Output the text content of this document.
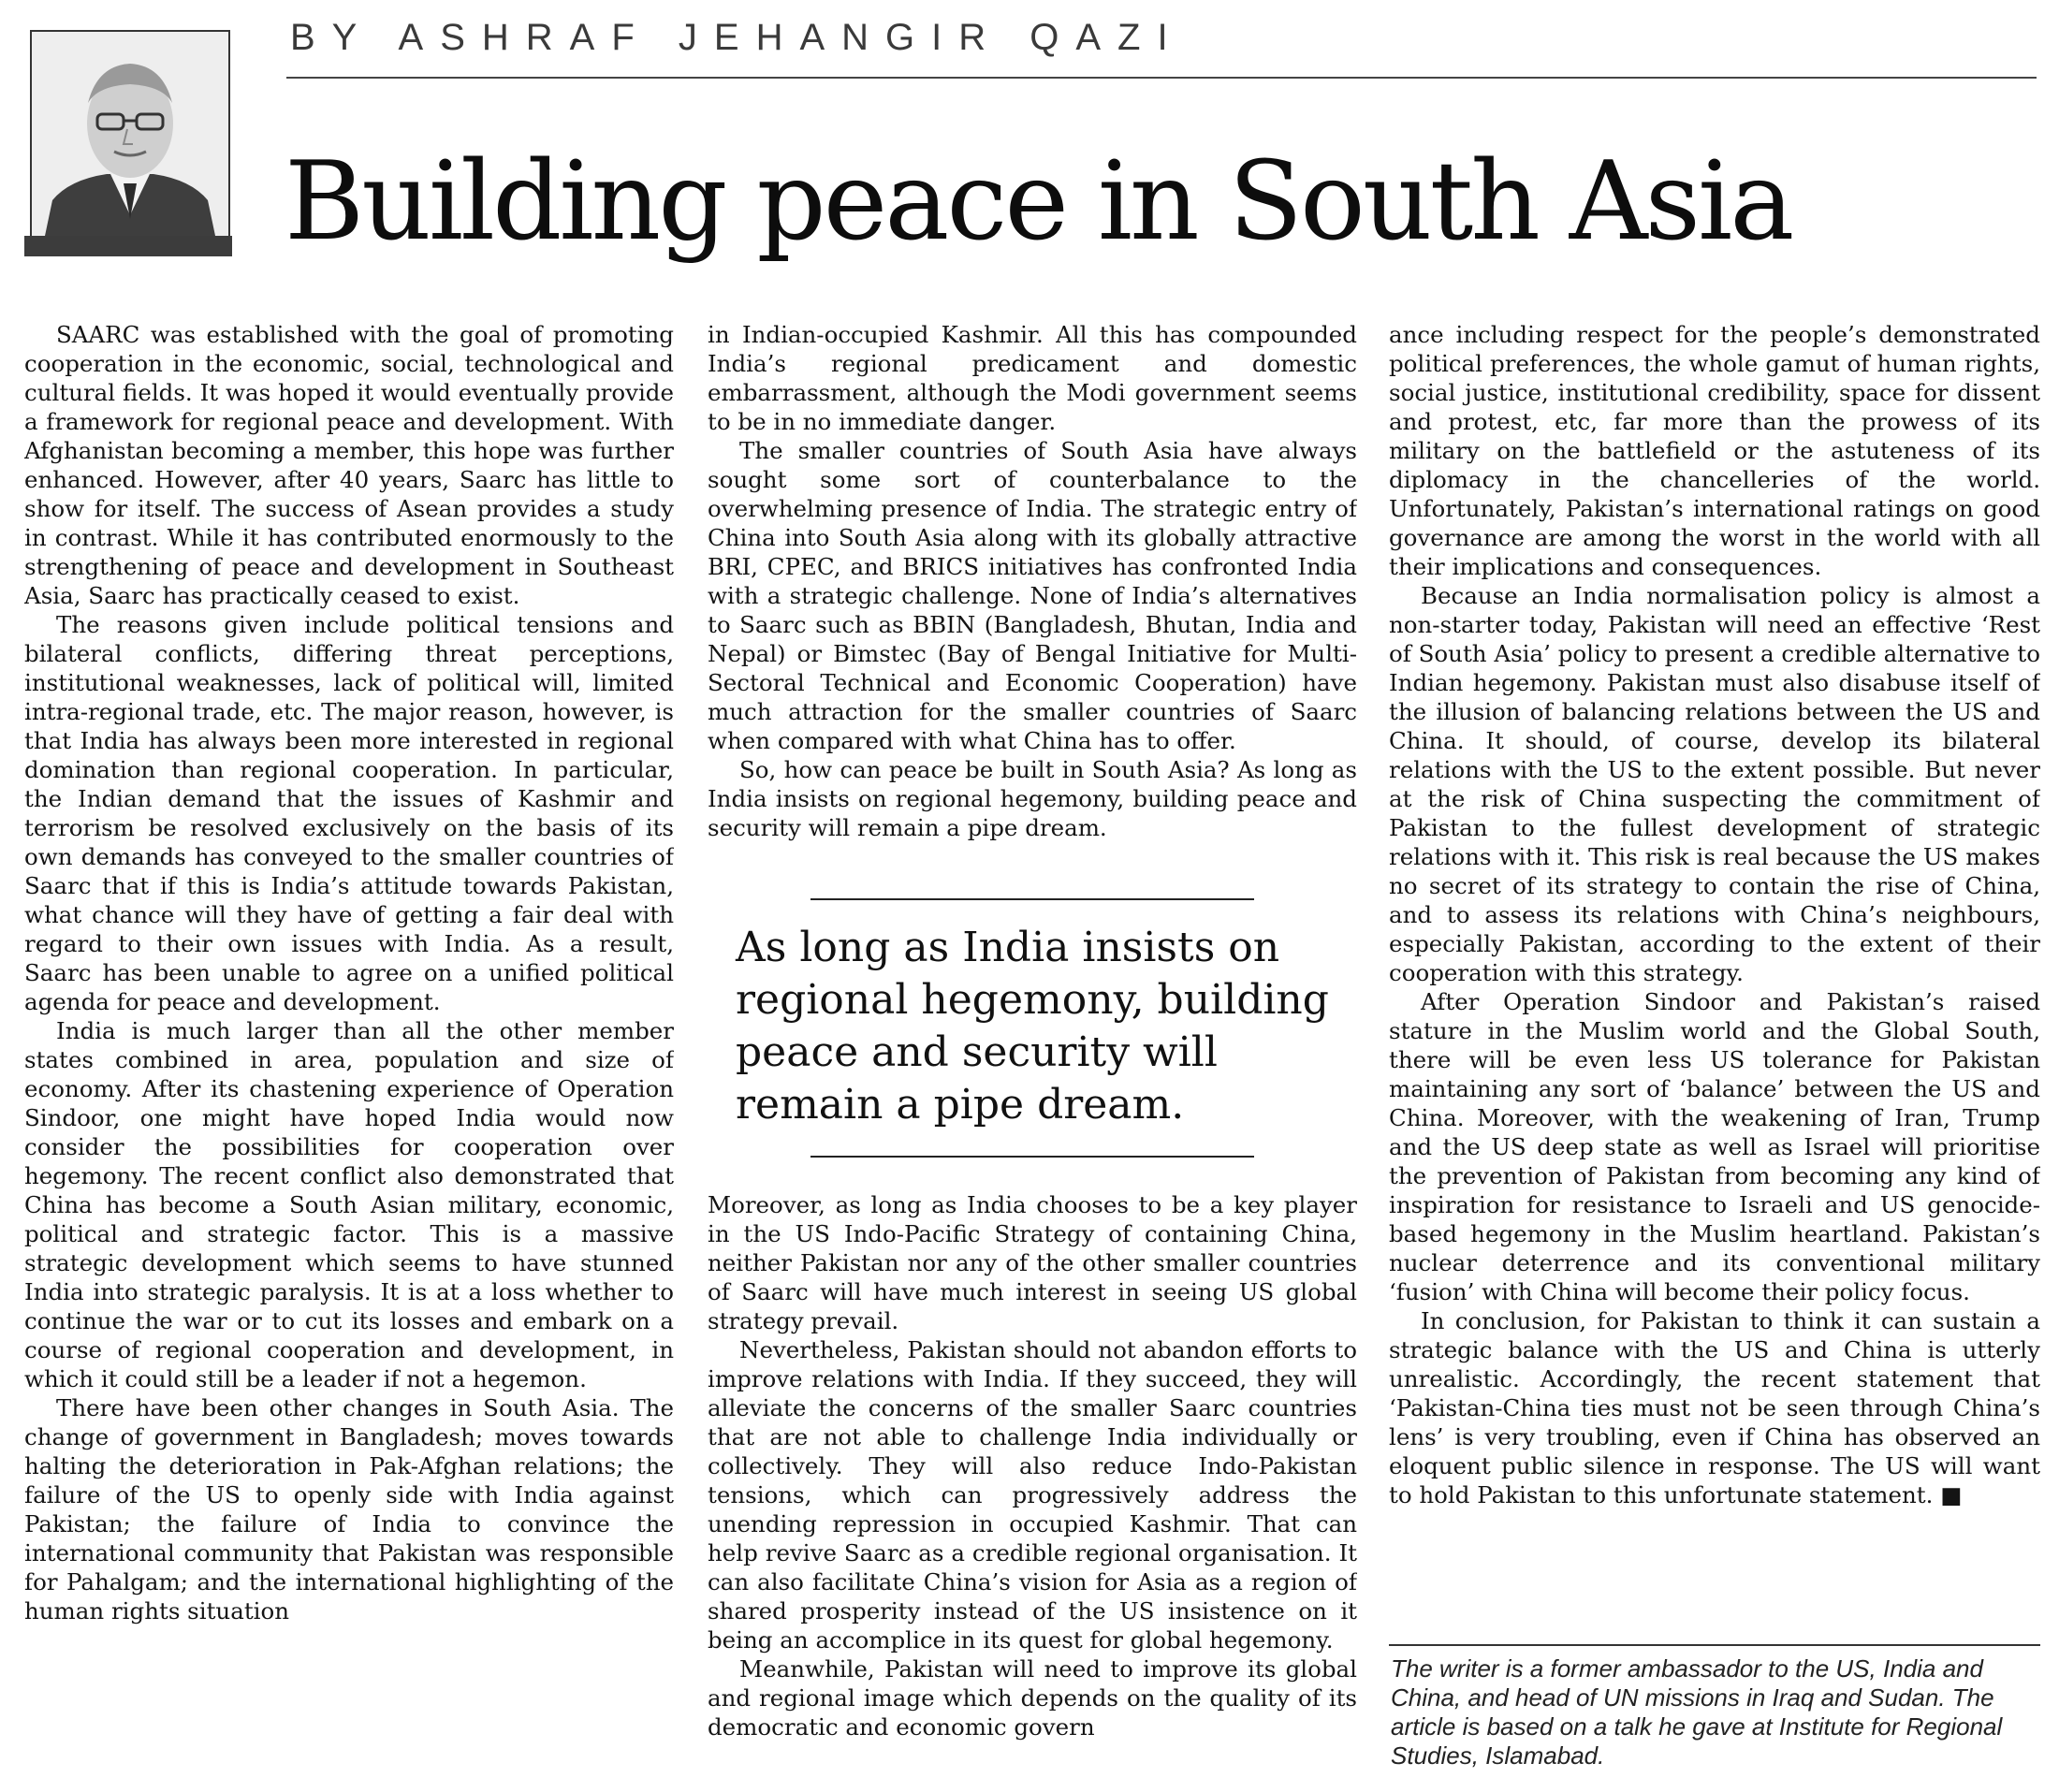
BY ASHRAF JEHANGIR QAZI
Building peace in South Asia

SAARC was established with the goal of promoting cooperation in the economic, social, technological and cultural fields. It was hoped it would eventually provide a framework for regional peace and development. With Afghanistan becoming a member, this hope was further enhanced. However, after 40 years, Saarc has little to show for itself. The success of Asean provides a study in contrast. While it has contributed enormously to the strengthening of peace and development in Southeast Asia, Saarc has practically ceased to exist.

The reasons given include political tensions and bilateral conflicts, differing threat perceptions, institutional weaknesses, lack of political will, limited intra-regional trade, etc. The major reason, however, is that India has always been more interested in regional domination than regional cooperation. In particular, the Indian demand that the issues of Kashmir and terrorism be resolved exclusively on the basis of its own demands has conveyed to the smaller countries of Saarc that if this is India’s attitude towards Pakistan, what chance will they have of getting a fair deal with regard to their own issues with India. As a result, Saarc has been unable to agree on a unified political agenda for peace and development.

India is much larger than all the other member states combined in area, population and size of economy. After its chastening experience of Operation Sindoor, one might have hoped India would now consider the possibilities for cooperation over hegemony. The recent conflict also demonstrated that China has become a South Asian military, economic, political and strategic factor. This is a massive strategic development which seems to have stunned India into strategic paralysis. It is at a loss whether to continue the war or to cut its losses and embark on a course of regional cooperation and development, in which it could still be a leader if not a hegemon.

There have been other changes in South Asia. The change of government in Bangladesh; moves towards halting the deterioration in Pak-Afghan relations; the failure of the US to openly side with India against Pakistan; the failure of India to convince the international community that Pakistan was responsible for Pahalgam; and the international highlighting of the human rights situation

in Indian-occupied Kashmir. All this has compounded India’s regional predicament and domestic embarrassment, although the Modi government seems to be in no immediate danger.

The smaller countries of South Asia have always sought some sort of counterbalance to the overwhelming presence of India. The strategic entry of China into South Asia along with its globally attractive BRI, CPEC, and BRICS initiatives has confronted India with a strategic challenge. None of India’s alternatives to Saarc such as BBIN (Bangladesh, Bhutan, India and Nepal) or Bimstec (Bay of Bengal Initiative for Multi-Sectoral Technical and Economic Cooperation) have much attraction for the smaller countries of Saarc when compared with what China has to offer.

So, how can peace be built in South Asia? As long as India insists on regional hegemony, building peace and security will remain a pipe dream.

As long as India insists on regional hegemony, building peace and security will remain a pipe dream.

Moreover, as long as India chooses to be a key player in the US Indo-Pacific Strategy of containing China, neither Pakistan nor any of the other smaller countries of Saarc will have much interest in seeing US global strategy prevail.

Nevertheless, Pakistan should not abandon efforts to improve relations with India. If they succeed, they will alleviate the concerns of the smaller Saarc countries that are not able to challenge India individually or collectively. They will also reduce Indo-Pakistan tensions, which can progressively address the unending repression in occupied Kashmir. That can help revive Saarc as a credible regional organisation. It can also facilitate China’s vision for Asia as a region of shared prosperity instead of the US insistence on it being an accomplice in its quest for global hegemony.

Meanwhile, Pakistan will need to improve its global and regional image which depends on the quality of its democratic and economic govern

ance including respect for the people’s demonstrated political preferences, the whole gamut of human rights, social justice, institutional credibility, space for dissent and protest, etc, far more than the prowess of its military on the battlefield or the astuteness of its diplomacy in the chancelleries of the world. Unfortunately, Pakistan’s international ratings on good governance are among the worst in the world with all their implications and consequences.

Because an India normalisation policy is almost a non-starter today, Pakistan will need an effective ‘Rest of South Asia’ policy to present a credible alternative to Indian hegemony. Pakistan must also disabuse itself of the illusion of balancing relations between the US and China. It should, of course, develop its bilateral relations with the US to the extent possible. But never at the risk of China suspecting the commitment of Pakistan to the fullest development of strategic relations with it. This risk is real because the US makes no secret of its strategy to contain the rise of China, and to assess its relations with China’s neighbours, especially Pakistan, according to the extent of their cooperation with this strategy.

After Operation Sindoor and Pakistan’s raised stature in the Muslim world and the Global South, there will be even less US tolerance for Pakistan maintaining any sort of ‘balance’ between the US and China. Moreover, with the weakening of Iran, Trump and the US deep state as well as Israel will prioritise the prevention of Pakistan from becoming any kind of inspiration for resistance to Israeli and US genocide-based hegemony in the Muslim heartland. Pakistan’s nuclear deterrence and its conventional military ‘fusion’ with China will become their policy focus.

In conclusion, for Pakistan to think it can sustain a strategic balance with the US and China is utterly unrealistic. Accordingly, the recent statement that ‘Pakistan-China ties must not be seen through China’s lens’ is very troubling, even if China has observed an eloquent public silence in response. The US will want to hold Pakistan to this unfortunate statement. ■

The writer is a former ambassador to the US, India and China, and head of UN missions in Iraq and Sudan. The article is based on a talk he gave at Institute for Regional Studies, Islamabad.
